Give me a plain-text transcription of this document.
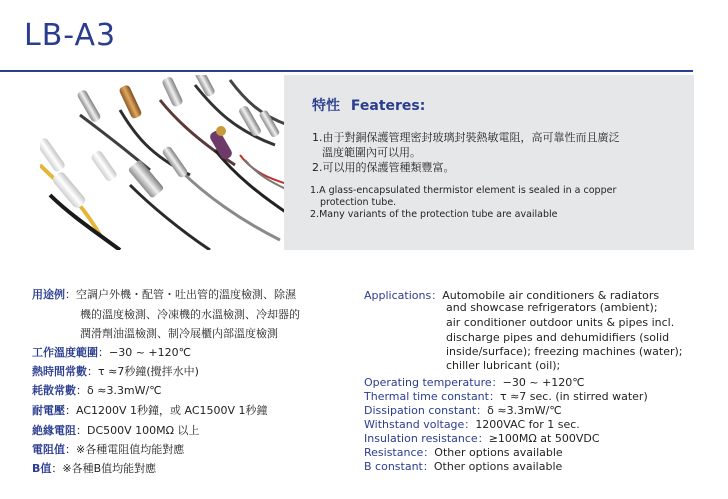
LB-A3
特性 Feateres:
1.由于對銅保護管理密封玻璃封裝熱敏電阻，高可靠性而且廣泛
溫度範圍內可以用。
2.可以用的保護管種類豐富。
1.A glass-encapsulated thermistor element is sealed in a copper
protection tube.
2.Many variants of the protection tube are available
用途例：空調户外機・配管・吐出管的溫度檢測、除濕
機的溫度檢測、冷凍機的水溫檢測、冷却器的
潤滑劑油溫檢測、制冷展櫃内部溫度檢測
工作溫度範圍：−30 ~ +120℃
熱時間常數：τ ≈7秒鐘(攪拌水中)
耗散常數：δ ≈3.3mW/℃
耐電壓：AC1200V 1秒鐘，或 AC1500V 1秒鐘
絶緣電阻：DC500V 100MΩ 以上
電阻值：※各種電阻值均能對應
B值：※各種B值均能對應
Applications：Automobile air conditioners & radiators
and showcase refrigerators (ambient);
air conditioner outdoor units & pipes incl.
discharge pipes and dehumidifiers (solid
inside/surface); freezing machines (water);
chiller lubricant (oil);
Operating temperature：−30 ~ +120℃
Thermal time constant：τ ≈7 sec. (in stirred water)
Dissipation constant：δ ≈3.3mW/℃
Withstand voltage：1200VAC for 1 sec.
Insulation resistance：≥100MΩ at 500VDC
Resistance：Other options available
B constant：Other options available
